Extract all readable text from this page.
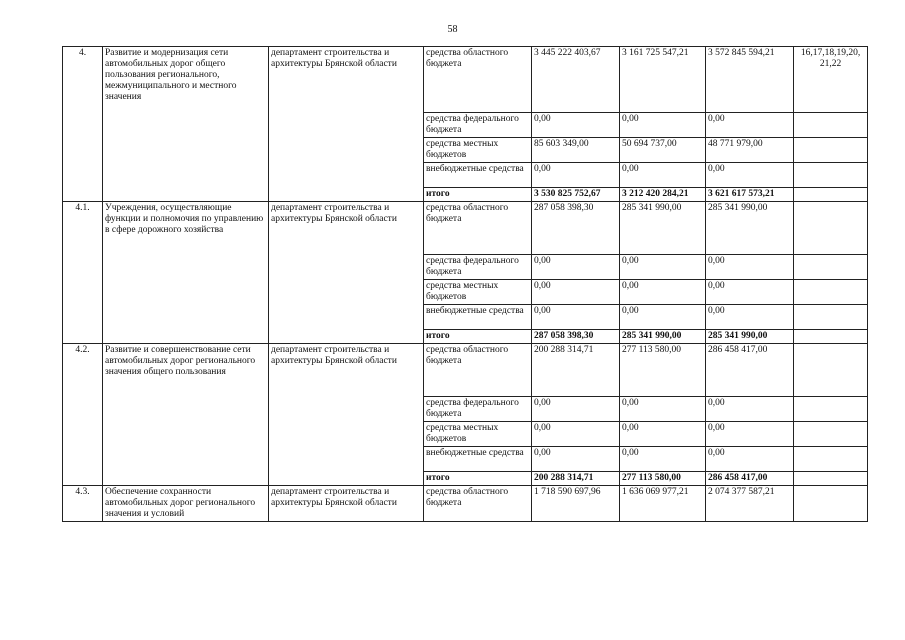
58
4.	Развитие и модернизация сети автомобильных дорог общего пользования регионального, межмуниципального и местного значения	департамент строительства и архитектуры Брянской области	средства областного бюджета	3 445 222 403,67	3 161 725 547,21	3 572 845 594,21	16,17,18,19,20, 21,22
			средства федерального бюджета	0,00	0,00	0,00	
			средства местных бюджетов	85 603 349,00	50 694 737,00	48 771 979,00	
			внебюджетные средства	0,00	0,00	0,00	
			итого	3 530 825 752,67	3 212 420 284,21	3 621 617 573,21	
4.1.	Учреждения, осуществляющие функции и полномочия по управлению в сфере дорожного хозяйства	департамент строительства и архитектуры Брянской области	средства областного бюджета	287 058 398,30	285 341 990,00	285 341 990,00	
			средства федерального бюджета	0,00	0,00	0,00	
			средства местных бюджетов	0,00	0,00	0,00	
			внебюджетные средства	0,00	0,00	0,00	
			итого	287 058 398,30	285 341 990,00	285 341 990,00	
4.2.	Развитие и совершенствование сети автомобильных дорог регионального значения общего пользования	департамент строительства и архитектуры Брянской области	средства областного бюджета	200 288 314,71	277 113 580,00	286 458 417,00	
			средства федерального бюджета	0,00	0,00	0,00	
			средства местных бюджетов	0,00	0,00	0,00	
			внебюджетные средства	0,00	0,00	0,00	
			итого	200 288 314,71	277 113 580,00	286 458 417,00	
4.3.	Обеспечение сохранности автомобильных дорог регионального значения и условий	департамент строительства и архитектуры Брянской области	средства областного бюджета	1 718 590 697,96	1 636 069 977,21	2 074 377 587,21	
